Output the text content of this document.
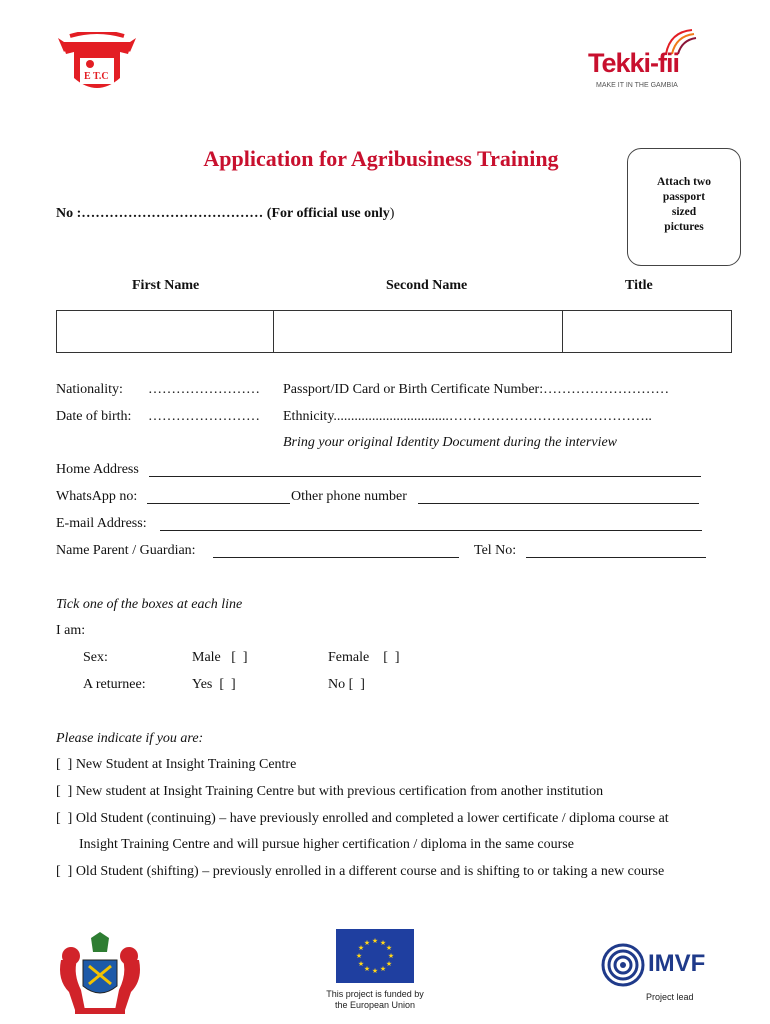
E T.C	Tekki-fii
MAKE IT IN THE GAMBIA
Application for Agribusiness Training
Attach two
passport
sized
pictures
No :………………………………… (For official use only)
First Name	Second Name	Title
Nationality: …………………… Passport/ID Card or Birth Certificate Number:………………………
Date of birth: …………………… Ethnicity.................................……………………………………..
Bring your original Identity Document during the interview
Home Address
WhatsApp no:	Other phone number
E-mail Address:
Name Parent / Guardian:	Tel No:
Tick one of the boxes at each line
I am:
Sex:	Male   [  ]	Female    [  ]
A returnee:	Yes  [  ]	No [  ]
Please indicate if you are:
[  ] New Student at Insight Training Centre
[  ] New student at Insight Training Centre but with previous certification from another institution
[  ] Old Student (continuing) – have previously enrolled and completed a lower certificate / diploma course at
Insight Training Centre and will pursue higher certification / diploma in the same course
[  ] Old Student (shifting) – previously enrolled in a different course and is shifting to or taking a new course
★ ★
★
★
★
★
★
★
★
★
★
★
This project is funded by
the European Union
IMVF
Project lead
